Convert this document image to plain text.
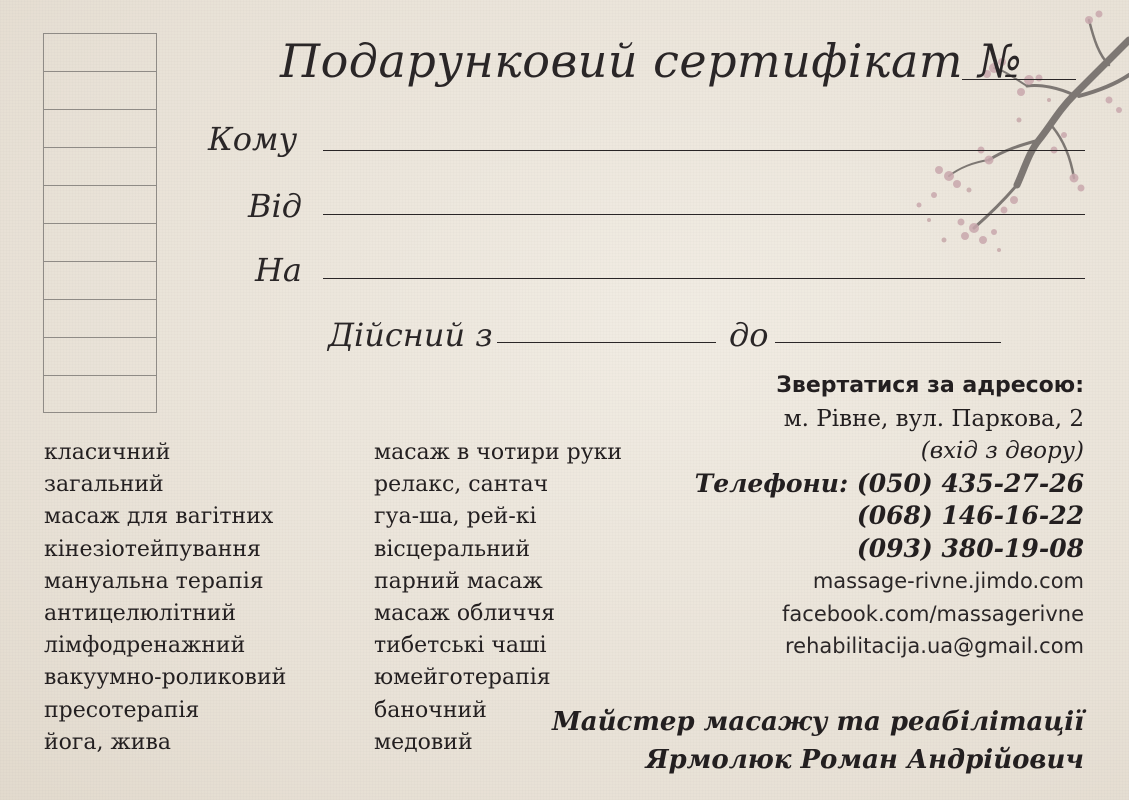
Подарунковий сертифікат №
Кому
Від
На
Дійсний з	до
класичний
загальний
масаж для вагітних
кінезіотейпування
мануальна терапія
антицелюлітний
лімфодренажний
вакуумно-роликовий
пресотерапія
йога, жива
масаж в чотири руки
релакс, сантач
гуа-ша, рей-кі
вісцеральний
парний масаж
масаж обличчя
тибетські чаші
юмейготерапія
баночний
медовий
Звертатися за адресою:
м. Рівне, вул. Паркова, 2
(вхід з двору)
Телефони: (050) 435-27-26
(068) 146-16-22
(093) 380-19-08
massage-rivne.jimdo.com
facebook.com/massagerivne
rehabilitacija.ua@gmail.com
Майстер масажу та реабілітації
Ярмолюк Роман Андрійович
